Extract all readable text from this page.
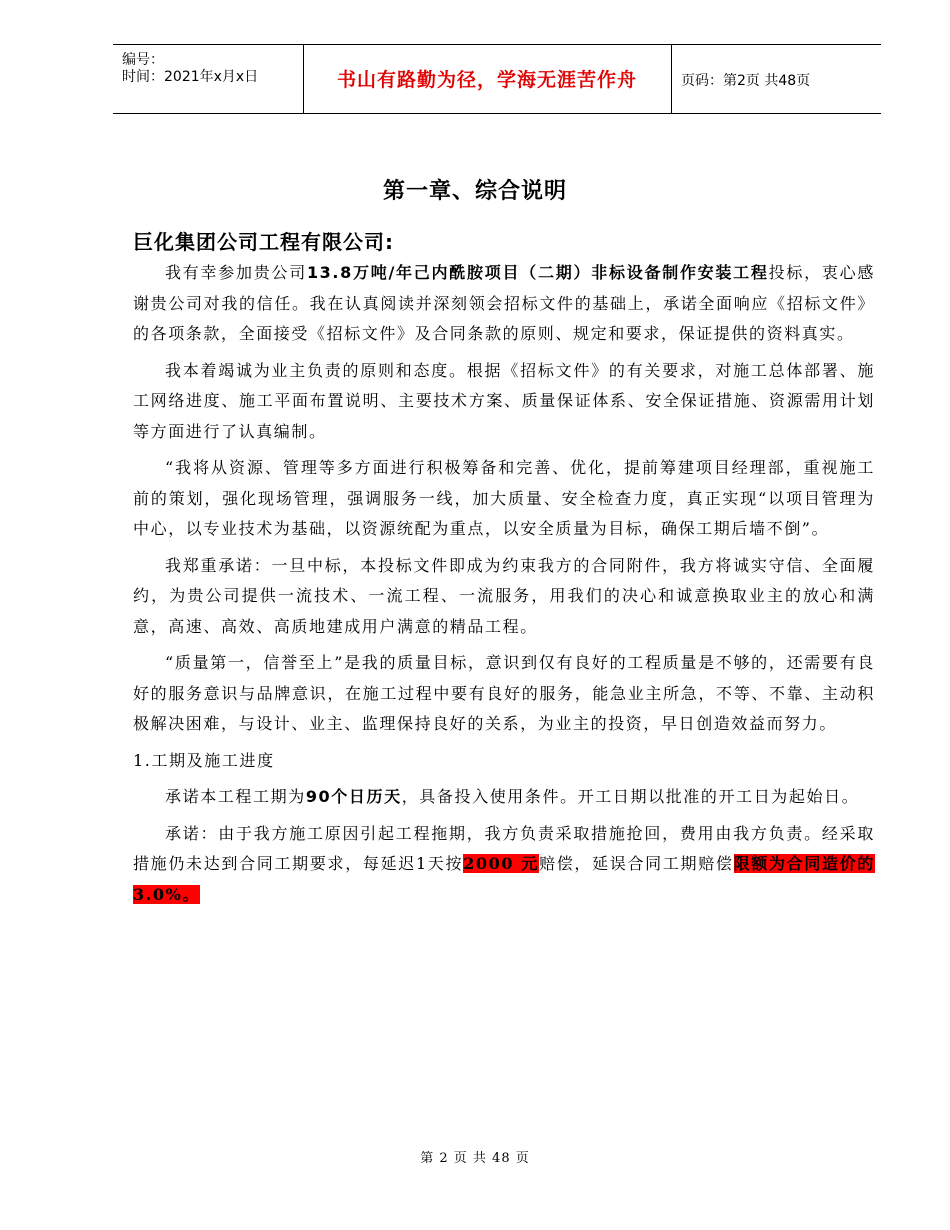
编号：
时间：2021年x月x日	书山有路勤为径，学海无涯苦作舟	页码：第2页 共48页
第一章、综合说明
巨化集团公司工程有限公司:

我有幸参加贵公司13.8万吨/年己内酰胺项目（二期）非标设备制作安装工程投标，衷心感谢贵公司对我的信任。我在认真阅读并深刻领会招标文件的基础上，承诺全面响应《招标文件》的各项条款，全面接受《招标文件》及合同条款的原则、规定和要求，保证提供的资料真实。

我本着竭诚为业主负责的原则和态度。根据《招标文件》的有关要求，对施工总体部署、施工网络进度、施工平面布置说明、主要技术方案、质量保证体系、安全保证措施、资源需用计划等方面进行了认真编制。

“我将从资源、管理等多方面进行积极筹备和完善、优化，提前筹建项目经理部，重视施工前的策划，强化现场管理，强调服务一线，加大质量、安全检查力度，真正实现“以项目管理为中心，以专业技术为基础，以资源统配为重点，以安全质量为目标，确保工期后墙不倒”。

我郑重承诺：一旦中标，本投标文件即成为约束我方的合同附件，我方将诚实守信、全面履约，为贵公司提供一流技术、一流工程、一流服务，用我们的决心和诚意换取业主的放心和满意，高速、高效、高质地建成用户满意的精品工程。

“质量第一，信誉至上”是我的质量目标，意识到仅有良好的工程质量是不够的，还需要有良好的服务意识与品牌意识，在施工过程中要有良好的服务，能急业主所急，不等、不靠、主动积极解决困难，与设计、业主、监理保持良好的关系，为业主的投资，早日创造效益而努力。

1.工期及施工进度

承诺本工程工期为90个日历天，具备投入使用条件。开工日期以批准的开工日为起始日。

承诺：由于我方施工原因引起工程拖期，我方负责采取措施抢回，费用由我方负责。经采取措施仍未达到合同工期要求，每延迟1天按2000 元赔偿，延误合同工期赔偿限额为合同造价的3.0%。

第 2 页 共 48 页
